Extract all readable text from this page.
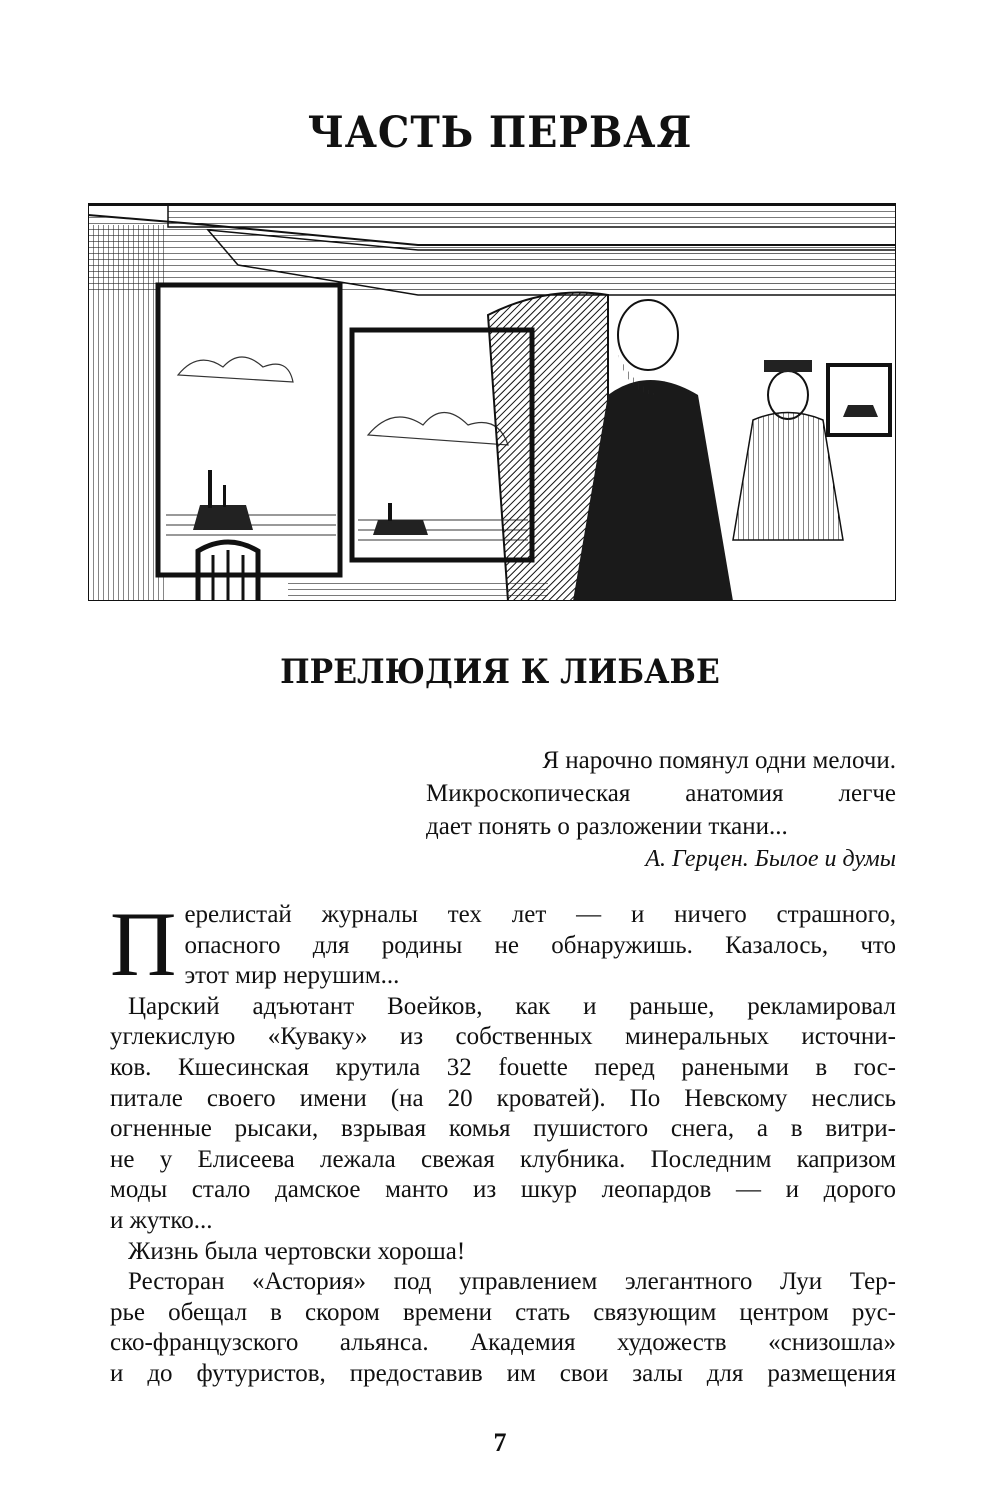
ЧАСТЬ ПЕРВАЯ
ПРЕЛЮДИЯ К ЛИБАВЕ
Я нарочно помянул одни мелочи.
Микроскопическая анатомия легче
дает понять о разложении ткани...
А. Герцен. Былое и думы
П ерелистай журналы тех лет — и ничего страшного,
опасного для родины не обнаружишь. Казалось, что
этот мир нерушим...
Царский адъютант Воейков, как и раньше, рекламировал
углекислую «Куваку» из собственных минеральных источни-
ков. Кшесинская крутила 32 fouette перед ранеными в гос-
питале своего имени (на 20 кроватей). По Невскому неслись
огненные рысаки, взрывая комья пушистого снега, а в витри-
не у Елисеева лежала свежая клубника. Последним капризом
моды стало дамское манто из шкур леопардов — и дорого
и жутко...
Жизнь была чертовски хороша!
Ресторан «Астория» под управлением элегантного Луи Тер-
рье обещал в скором времени стать связующим центром рус-
ско-французского альянса. Академия художеств «снизошла»
и до футуристов, предоставив им свои залы для размещения
7
